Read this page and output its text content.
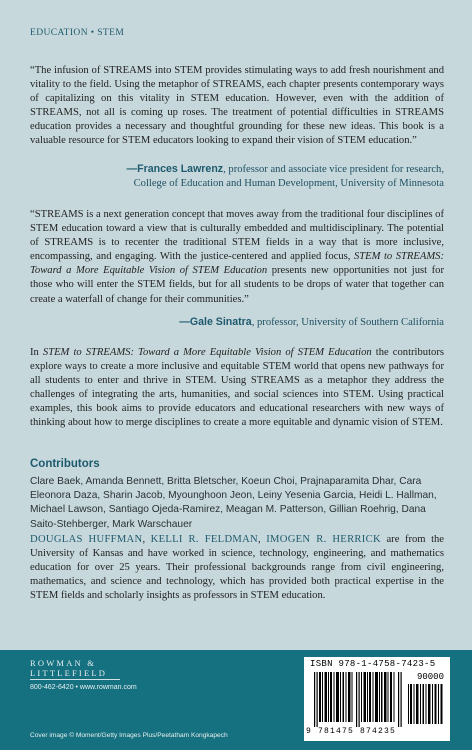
EDUCATION • STEM
“The infusion of STREAMS into STEM provides stimulating ways to add fresh nourishment and vitality to the field. Using the metaphor of STREAMS, each chapter presents contemporary ways of capitalizing on this vitality in STEM education. However, even with the addition of STREAMS, not all is coming up roses. The treatment of potential difficulties in STREAMS education provides a necessary and thoughtful grounding for these new ideas. This book is a valuable resource for STEM educators looking to expand their vision of STEM education.”
—Frances Lawrenz, professor and associate vice president for research,
College of Education and Human Development, University of Minnesota
“STREAMS is a next generation concept that moves away from the traditional four disciplines of STEM education toward a view that is culturally embedded and multidisciplinary. The potential of STREAMS is to recenter the traditional STEM fields in a way that is more inclusive, encompassing, and engaging. With the justice-centered and applied focus, STEM to STREAMS: Toward a More Equitable Vision of STEM Education presents new opportunities not just for those who will enter the STEM fields, but for all students to be drops of water that together can create a waterfall of change for their communities.”
—Gale Sinatra, professor, University of Southern California
In STEM to STREAMS: Toward a More Equitable Vision of STEM Education the contributors explore ways to create a more inclusive and equitable STEM world that opens new pathways for all students to enter and thrive in STEM. Using STREAMS as a metaphor they address the challenges of integrating the arts, humanities, and social sciences into STEM. Using practical examples, this book aims to provide educators and educational researchers with new ways of thinking about how to merge disciplines to create a more equitable and dynamic vision of STEM.
Contributors
Clare Baek, Amanda Bennett, Britta Bletscher, Koeun Choi, Prajnaparamita Dhar, Cara Eleonora Daza, Sharin Jacob, Myounghoon Jeon, Leiny Yesenia Garcia, Heidi L. Hallman, Michael Lawson, Santiago Ojeda-Ramirez, Meagan M. Patterson, Gillian Roehrig, Dana Saito-Stehberger, Mark Warschauer
DOUGLAS HUFFMAN, KELLI R. FELDMAN, IMOGEN R. HERRICK are from the University of Kansas and have worked in science, technology, engineering, and mathematics education for over 25 years. Their professional backgrounds range from civil engineering, mathematics, and science and technology, which has provided both practical expertise in the STEM fields and scholarly insights as professors in STEM education.
ROWMAN &
LITTLEFIELD
800-462-6420 • www.rowman.com
Cover image © Moment/Getty Images Plus/Peetatham Kongkapech
ISBN 978-1-4758-7423-5
90000
9 781475 874235
